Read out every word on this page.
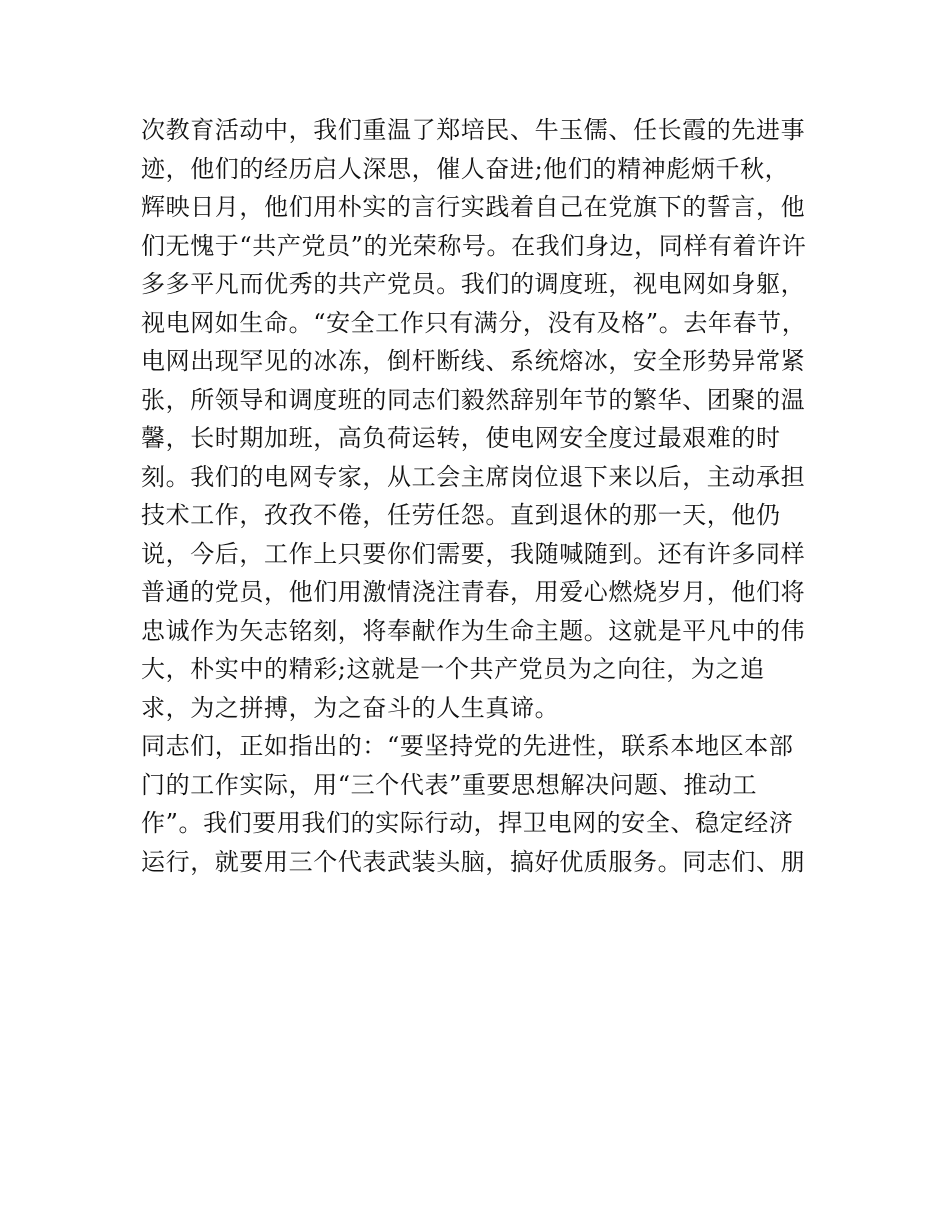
次教育活动中，我们重温了郑培民、牛玉儒、任长霞的先进事
迹，他们的经历启人深思，催人奋进;他们的精神彪炳千秋，
辉映日月，他们用朴实的言行实践着自己在党旗下的誓言，他
们无愧于“共产党员”的光荣称号。在我们身边，同样有着许许
多多平凡而优秀的共产党员。我们的调度班，视电网如身躯，
视电网如生命。“安全工作只有满分，没有及格”。去年春节，
电网出现罕见的冰冻，倒杆断线、系统熔冰，安全形势异常紧
张，所领导和调度班的同志们毅然辞别年节的繁华、团聚的温
馨，长时期加班，高负荷运转，使电网安全度过最艰难的时
刻。我们的电网专家，从工会主席岗位退下来以后，主动承担
技术工作，孜孜不倦，任劳任怨。直到退休的那一天，他仍
说，今后，工作上只要你们需要，我随喊随到。还有许多同样
普通的党员，他们用激情浇注青春，用爱心燃烧岁月，他们将
忠诚作为矢志铭刻，将奉献作为生命主题。这就是平凡中的伟
大，朴实中的精彩;这就是一个共产党员为之向往，为之追
求，为之拼搏，为之奋斗的人生真谛。
同志们，正如指出的：“要坚持党的先进性，联系本地区本部
门的工作实际，用“三个代表”重要思想解决问题、推动工
作”。我们要用我们的实际行动，捍卫电网的安全、稳定经济
运行，就要用三个代表武装头脑，搞好优质服务。同志们、朋
